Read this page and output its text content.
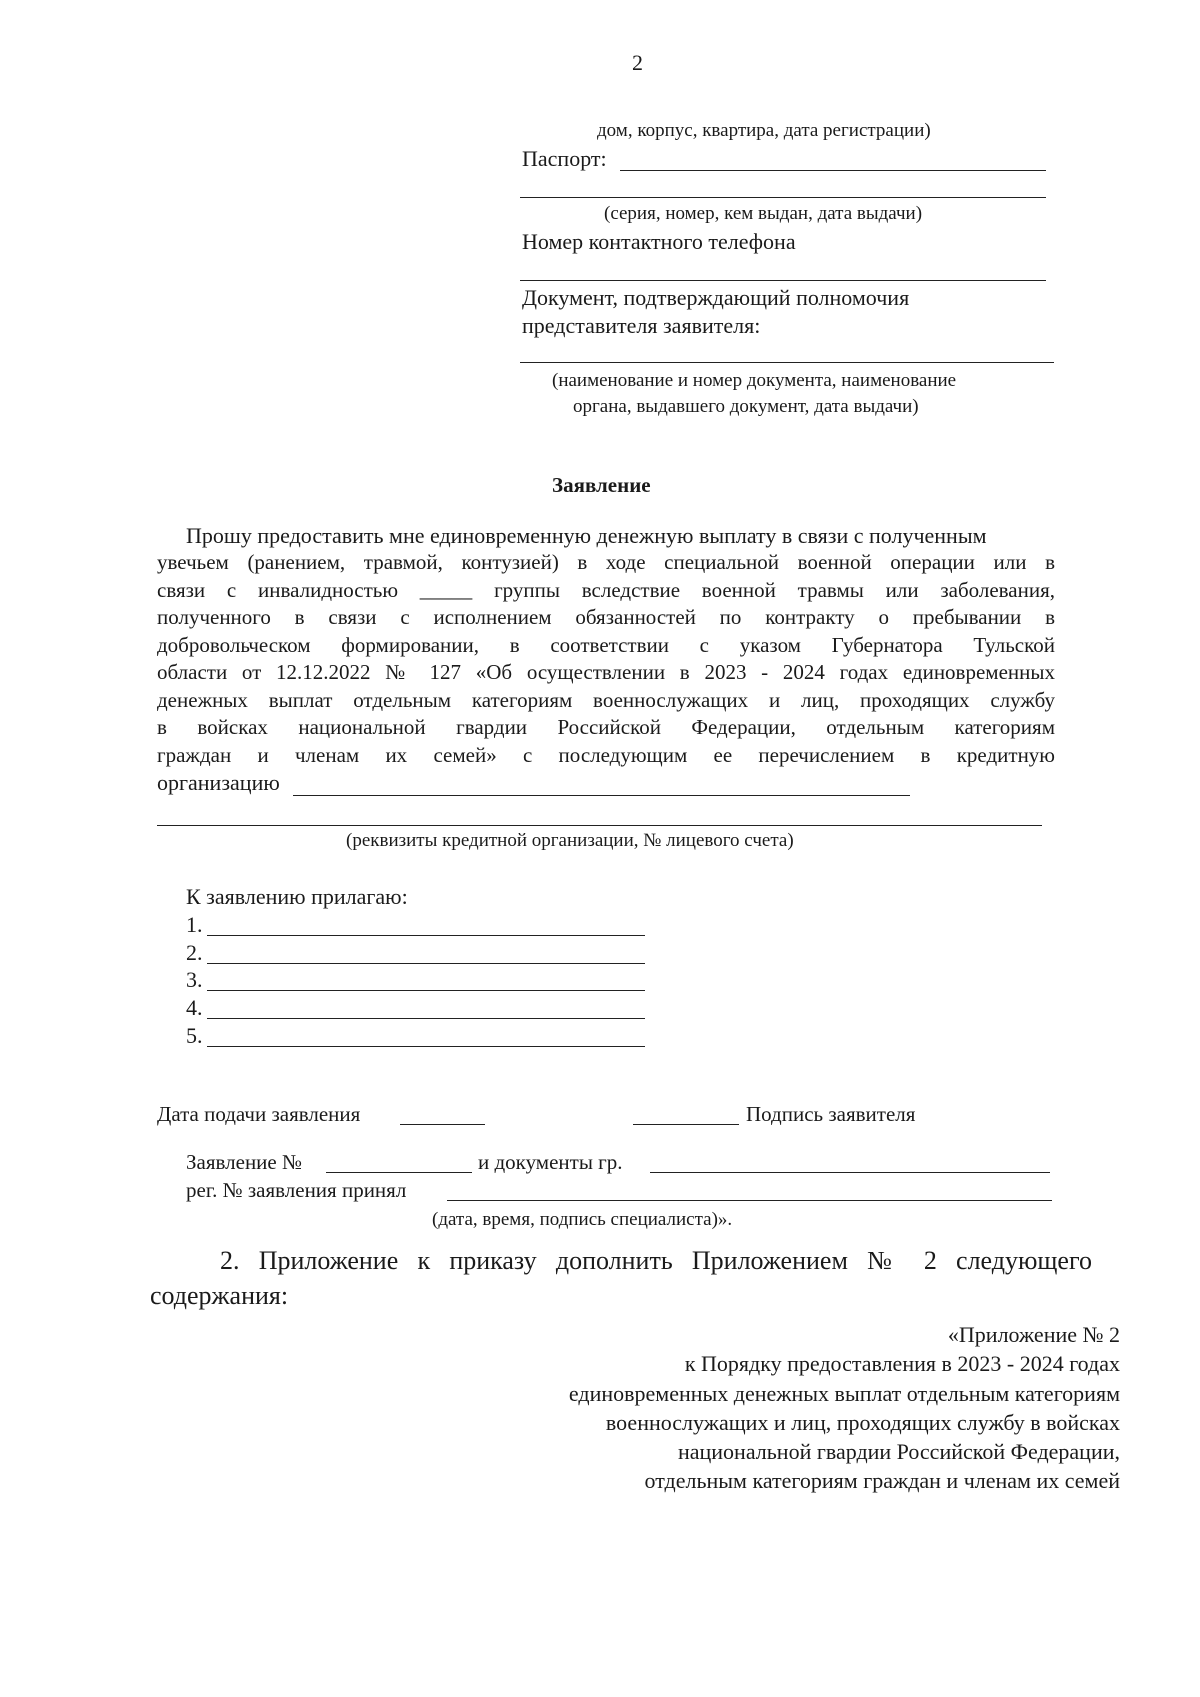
2
дом, корпус, квартира, дата регистрации)
Паспорт:
(серия, номер, кем выдан, дата выдачи)
Номер контактного телефона
Документ, подтверждающий полномочия
представителя заявителя:
(наименование и номер документа, наименование
органа, выдавшего документ, дата выдачи)
Заявление
Прошу предоставить мне единовременную денежную выплату в связи с полученным
увечьем (ранением, травмой, контузией) в ходе специальной военной операции или в
связи с инвалидностью _____ группы вследствие военной травмы или заболевания,
полученного в связи с исполнением обязанностей по контракту о пребывании в
добровольческом формировании, в соответствии с указом Губернатора Тульской
области от 12.12.2022 № 127 «Об осуществлении в 2023 - 2024 годах единовременных
денежных выплат отдельным категориям военнослужащих и лиц, проходящих службу
в войсках национальной гвардии Российской Федерации, отдельным категориям
граждан и членам их семей» с последующим ее перечислением в кредитную
организацию
(реквизиты кредитной организации, № лицевого счета)
К заявлению прилагаю:
1.
2.
3.
4.
5.
Дата подачи заявления	Подпись заявителя
Заявление №	и документы гр.
рег. № заявления принял
(дата, время, подпись специалиста)».
2. Приложение к приказу дополнить Приложением № 2 следующего
содержания:
«Приложение № 2
к Порядку предоставления в 2023 - 2024 годах
единовременных денежных выплат отдельным категориям
военнослужащих и лиц, проходящих службу в войсках
национальной гвардии Российской Федерации,
отдельным категориям граждан и членам их семей
